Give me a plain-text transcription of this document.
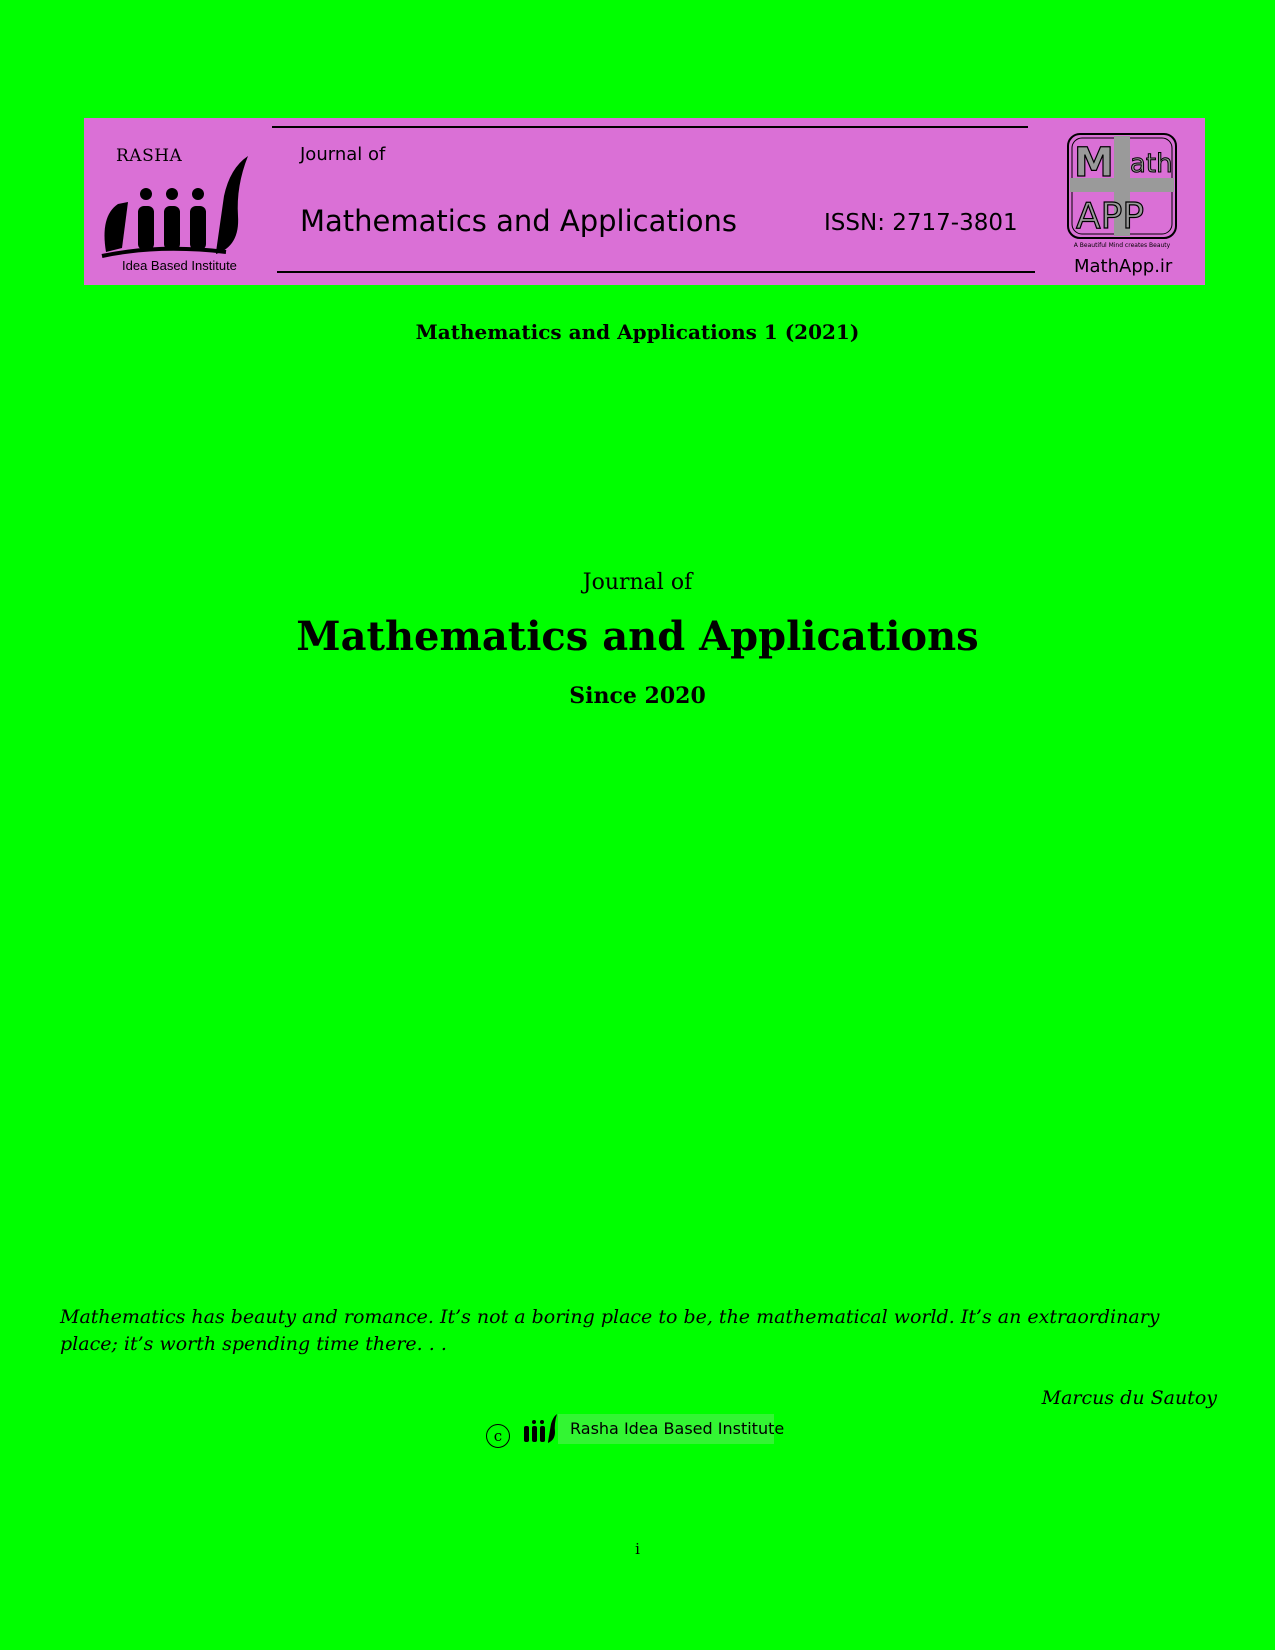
RASHA
Idea Based Institute
Journal of
Mathematics and Applications	ISSN: 2717-3801
M ath
APP
A Beautiful Mind creates Beauty
MathApp.ir
Mathematics and Applications 1 (2021)
Journal of
Mathematics and Applications
Since 2020
Mathematics has beauty and romance. It’s not a boring place to be, the mathematical world. It’s an extraordinary place; it’s worth spending time there. . .
Marcus du Sautoy
c	Rasha Idea Based Institute
i
